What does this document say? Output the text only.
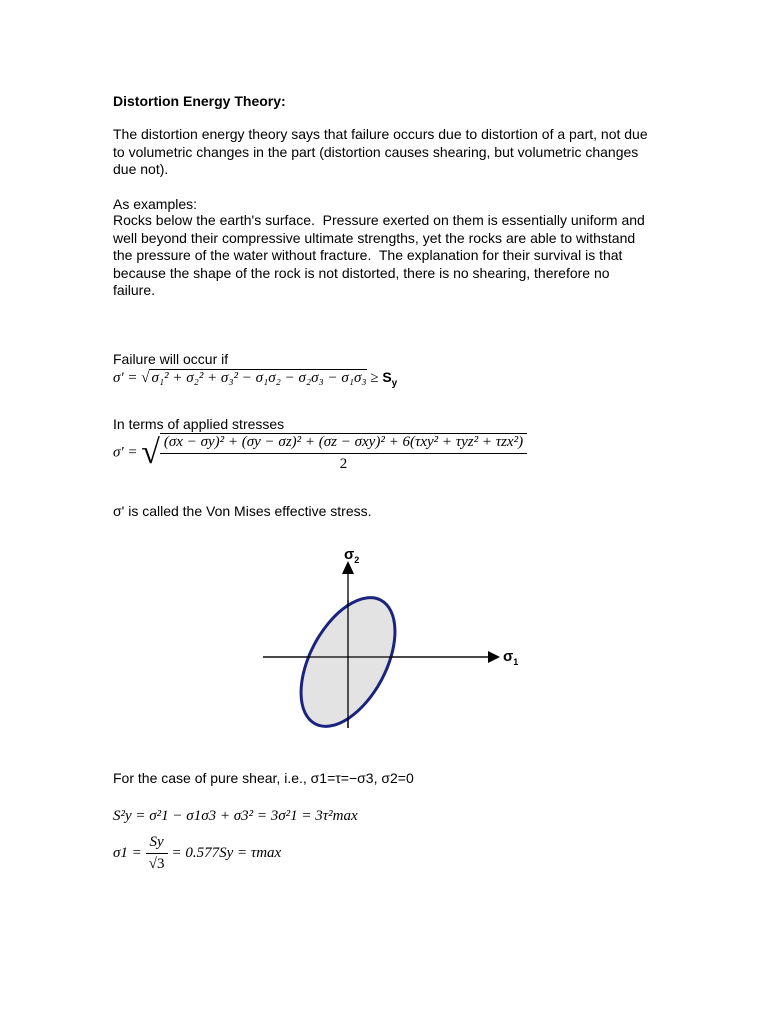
Distortion Energy Theory:
The distortion energy theory says that failure occurs due to distortion of a part, not due to volumetric changes in the part (distortion causes shearing, but volumetric changes due not).
As examples:
Rocks below the earth's surface.  Pressure exerted on them is essentially uniform and well beyond their compressive ultimate strengths, yet the rocks are able to withstand the pressure of the water without fracture.  The explanation for their survival is that because the shape of the rock is not distorted, there is no shearing, therefore no failure.
Failure will occur if
σ' = √ $\sigma_1^2 + \sigma_2^2 + \sigma_3^2 - \sigma_1\sigma_2 - \sigma_2\sigma_3 - \sigma_1\sigma_3 \ge S_y$
In terms of applied stresses
σ' = √ (σx − σy)² + (σy − σz)² + (σz − σxy)² + 6(τxy² + τyz² + τzx²)
2
σ' is called the Von Mises effective stress.
$\sigma_2$
$\sigma_1$
For the case of pure shear, i.e., σ1=τ=−σ3, σ2=0
S²y = σ²1 − σ1σ3 + σ3² = 3σ²1 = 3τ²max
$\sigma 1 = \frac{Sy}{√3} = 0.577Sy = \tau\max$
